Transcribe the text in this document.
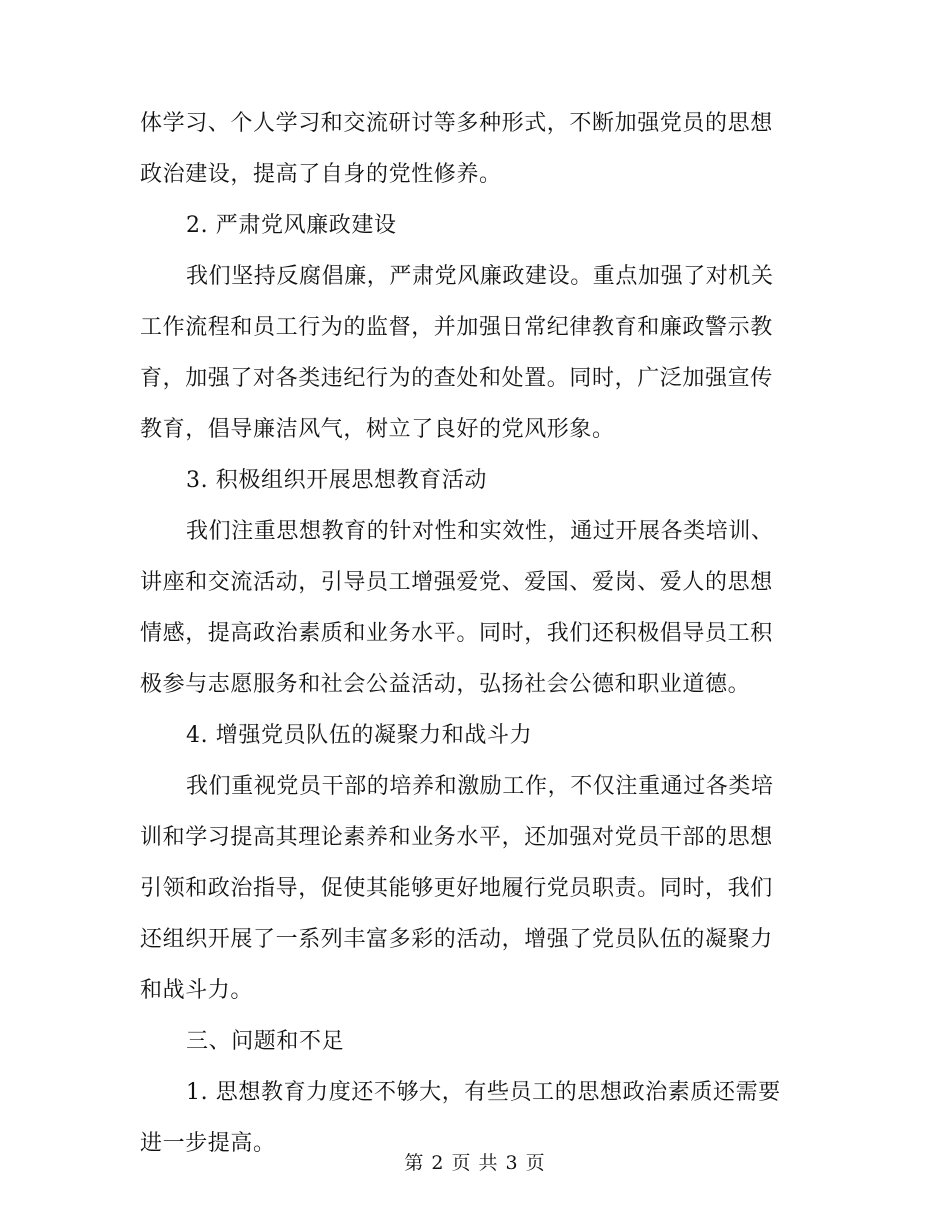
体学习、个人学习和交流研讨等多种形式，不断加强党员的思想
政治建设，提高了自身的党性修养。
2. 严肃党风廉政建设
我们坚持反腐倡廉，严肃党风廉政建设。重点加强了对机关
工作流程和员工行为的监督，并加强日常纪律教育和廉政警示教
育，加强了对各类违纪行为的查处和处置。同时，广泛加强宣传
教育，倡导廉洁风气，树立了良好的党风形象。
3. 积极组织开展思想教育活动
我们注重思想教育的针对性和实效性，通过开展各类培训、
讲座和交流活动，引导员工增强爱党、爱国、爱岗、爱人的思想
情感，提高政治素质和业务水平。同时，我们还积极倡导员工积
极参与志愿服务和社会公益活动，弘扬社会公德和职业道德。
4. 增强党员队伍的凝聚力和战斗力
我们重视党员干部的培养和激励工作，不仅注重通过各类培
训和学习提高其理论素养和业务水平，还加强对党员干部的思想
引领和政治指导，促使其能够更好地履行党员职责。同时，我们
还组织开展了一系列丰富多彩的活动，增强了党员队伍的凝聚力
和战斗力。
三、问题和不足
1. 思想教育力度还不够大，有些员工的思想政治素质还需要
进一步提高。
第 2 页 共 3 页
